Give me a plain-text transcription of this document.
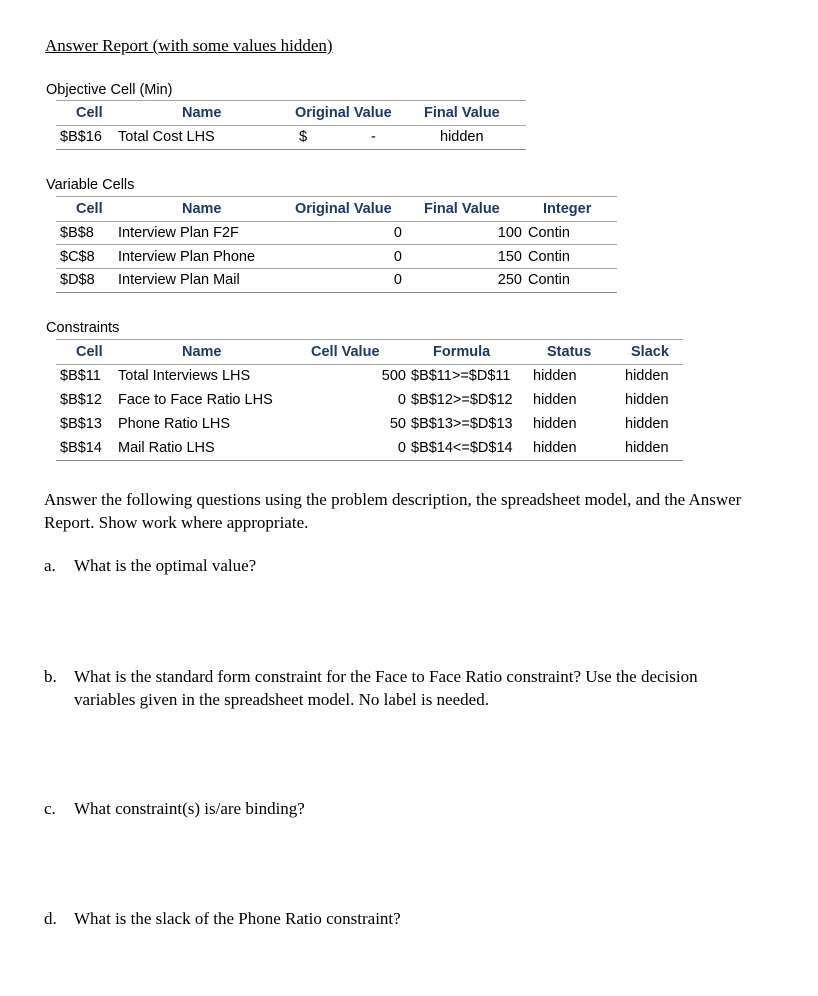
Answer Report (with some values hidden)
Objective Cell (Min)
Cell	Name	Original Value Final Value
$B$16 Total Cost LHS	$	-	hidden
Variable Cells
Cell	Name	Original Value Final Value	Integer
$B$8 Interview Plan F2F	0	100 Contin
$C$8 Interview Plan Phone	0	150 Contin
$D$8 Interview Plan Mail	0	250 Contin
Constraints
Cell	Name	Cell Value	Formula	Status	Slack
$B$11 Total Interviews LHS	500 $B$11>=$D$11 hidden	hidden
$B$12 Face to Face Ratio LHS	0 $B$12>=$D$12 hidden	hidden
$B$13 Phone Ratio LHS	50 $B$13>=$D$13 hidden	hidden
$B$14 Mail Ratio LHS	0 $B$14<=$D$14 hidden	hidden
Answer the following questions using the problem description, the spreadsheet model, and the Answer Report. Show work where appropriate.
a. What is the optimal value?
b. What is the standard form constraint for the Face to Face Ratio constraint? Use the decision variables given in the spreadsheet model. No label is needed.
c. What constraint(s) is/are binding?
d. What is the slack of the Phone Ratio constraint?
